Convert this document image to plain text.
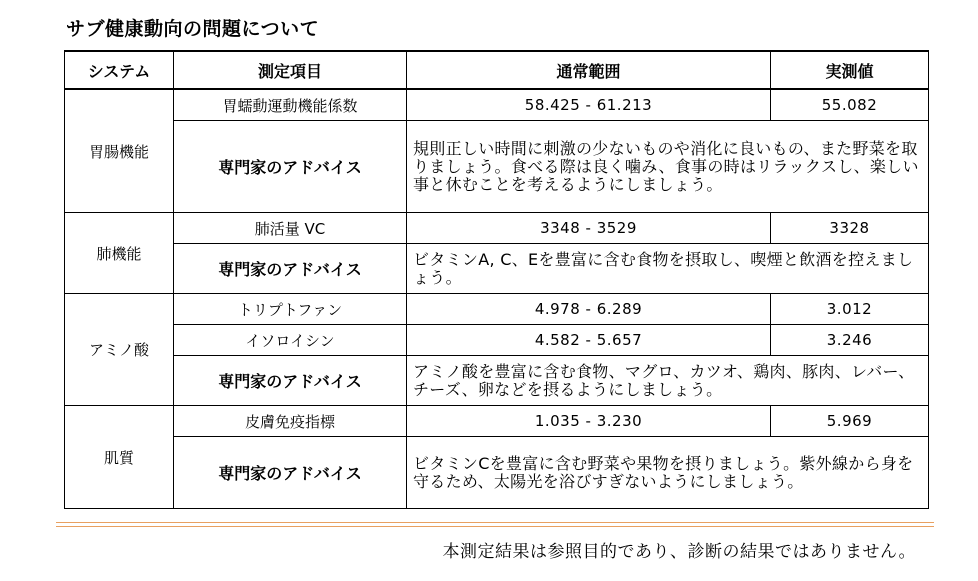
サブ健康動向の問題について
システム	測定項目	通常範囲	実測値
胃腸機能	胃蠕動運動機能係数	58.425 - 61.213	55.082
	専門家のアドバイス	規則正しい時間に刺激の少ないものや消化に良いもの、また野菜を取りましょう。食べる際は良く噛み、食事の時はリラックスし、楽しい事と休むことを考えるようにしましょう。	
肺機能	肺活量 VC	3348 - 3529	3328
	専門家のアドバイス	ビタミンA, C、Eを豊富に含む食物を摂取し、喫煙と飲酒を控えましょう。	
アミノ酸	トリプトファン	4.978 - 6.289	3.012
	イソロイシン	4.582 - 5.657	3.246
	専門家のアドバイス	アミノ酸を豊富に含む食物、マグロ、カツオ、鶏肉、豚肉、レバー、チーズ、卵などを摂るようにしましょう。	
肌質	皮膚免疫指標	1.035 - 3.230	5.969
	専門家のアドバイス	ビタミンCを豊富に含む野菜や果物を摂りましょう。紫外線から身を守るため、太陽光を浴びすぎないようにしましょう。	
本測定結果は参照目的であり、診断の結果ではありません。
